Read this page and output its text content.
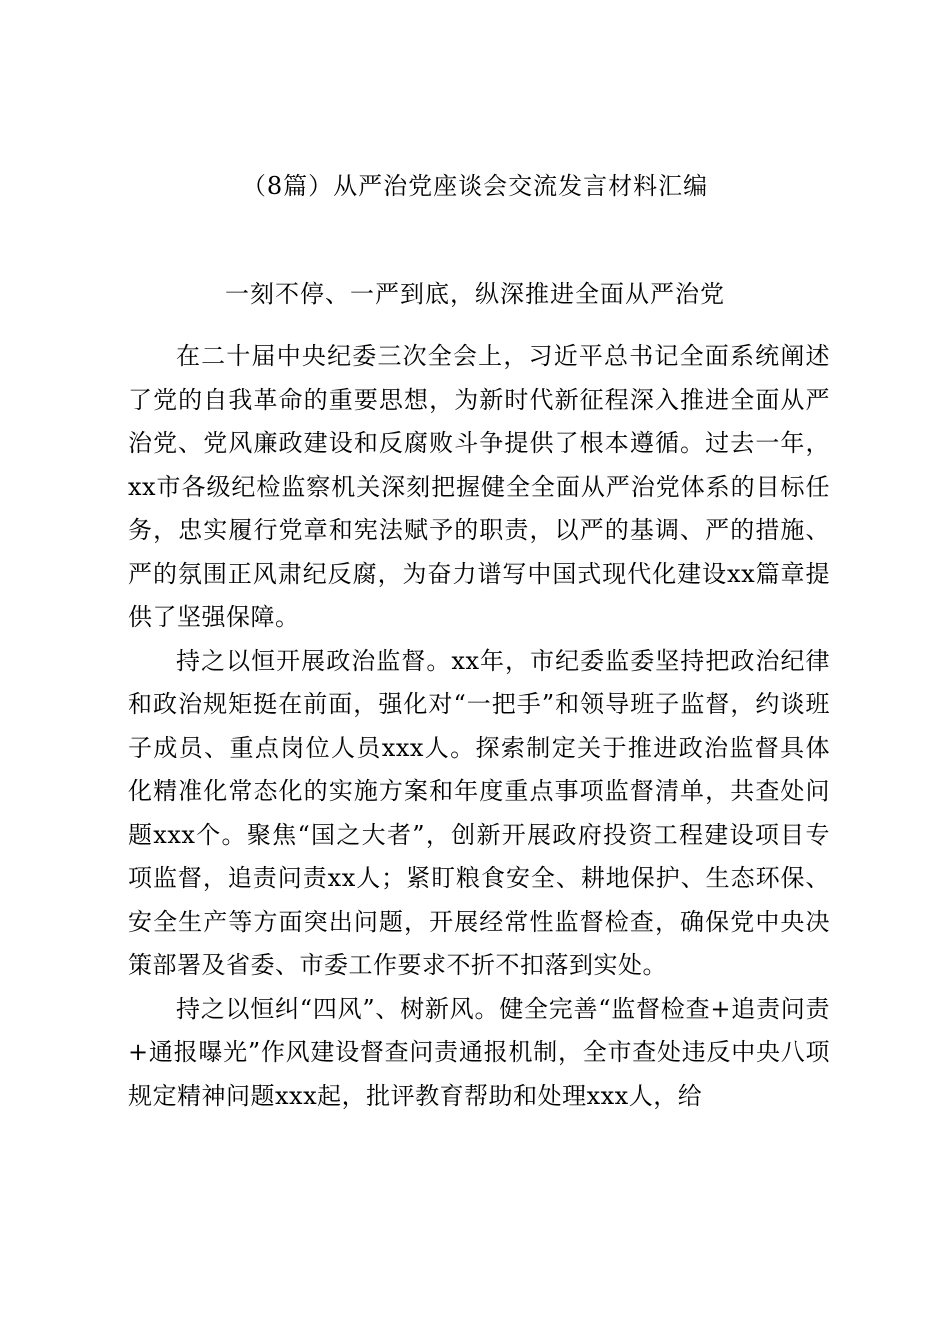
（8篇）从严治党座谈会交流发言材料汇编
一刻不停、一严到底，纵深推进全面从严治党

在二十届中央纪委三次全会上，习近平总书记全面系统阐述了党的自我革命的重要思想，为新时代新征程深入推进全面从严治党、党风廉政建设和反腐败斗争提供了根本遵循。过去一年，xx市各级纪检监察机关深刻把握健全全面从严治党体系的目标任务，忠实履行党章和宪法赋予的职责，以严的基调、严的措施、严的氛围正风肃纪反腐，为奋力谱写中国式现代化建设xx篇章提供了坚强保障。

持之以恒开展政治监督。xx年，市纪委监委坚持把政治纪律和政治规矩挺在前面，强化对“一把手”和领导班子监督，约谈班子成员、重点岗位人员xxx人。探索制定关于推进政治监督具体化精准化常态化的实施方案和年度重点事项监督清单，共查处问题xxx个。聚焦“国之大者”，创新开展政府投资工程建设项目专项监督，追责问责xx人；紧盯粮食安全、耕地保护、生态环保、安全生产等方面突出问题，开展经常性监督检查，确保党中央决策部署及省委、市委工作要求不折不扣落到实处。

持之以恒纠“四风”、树新风。健全完善“监督检查+追责问责+通报曝光”作风建设督查问责通报机制，全市查处违反中央八项规定精神问题xxx起，批评教育帮助和处理xxx人，给
